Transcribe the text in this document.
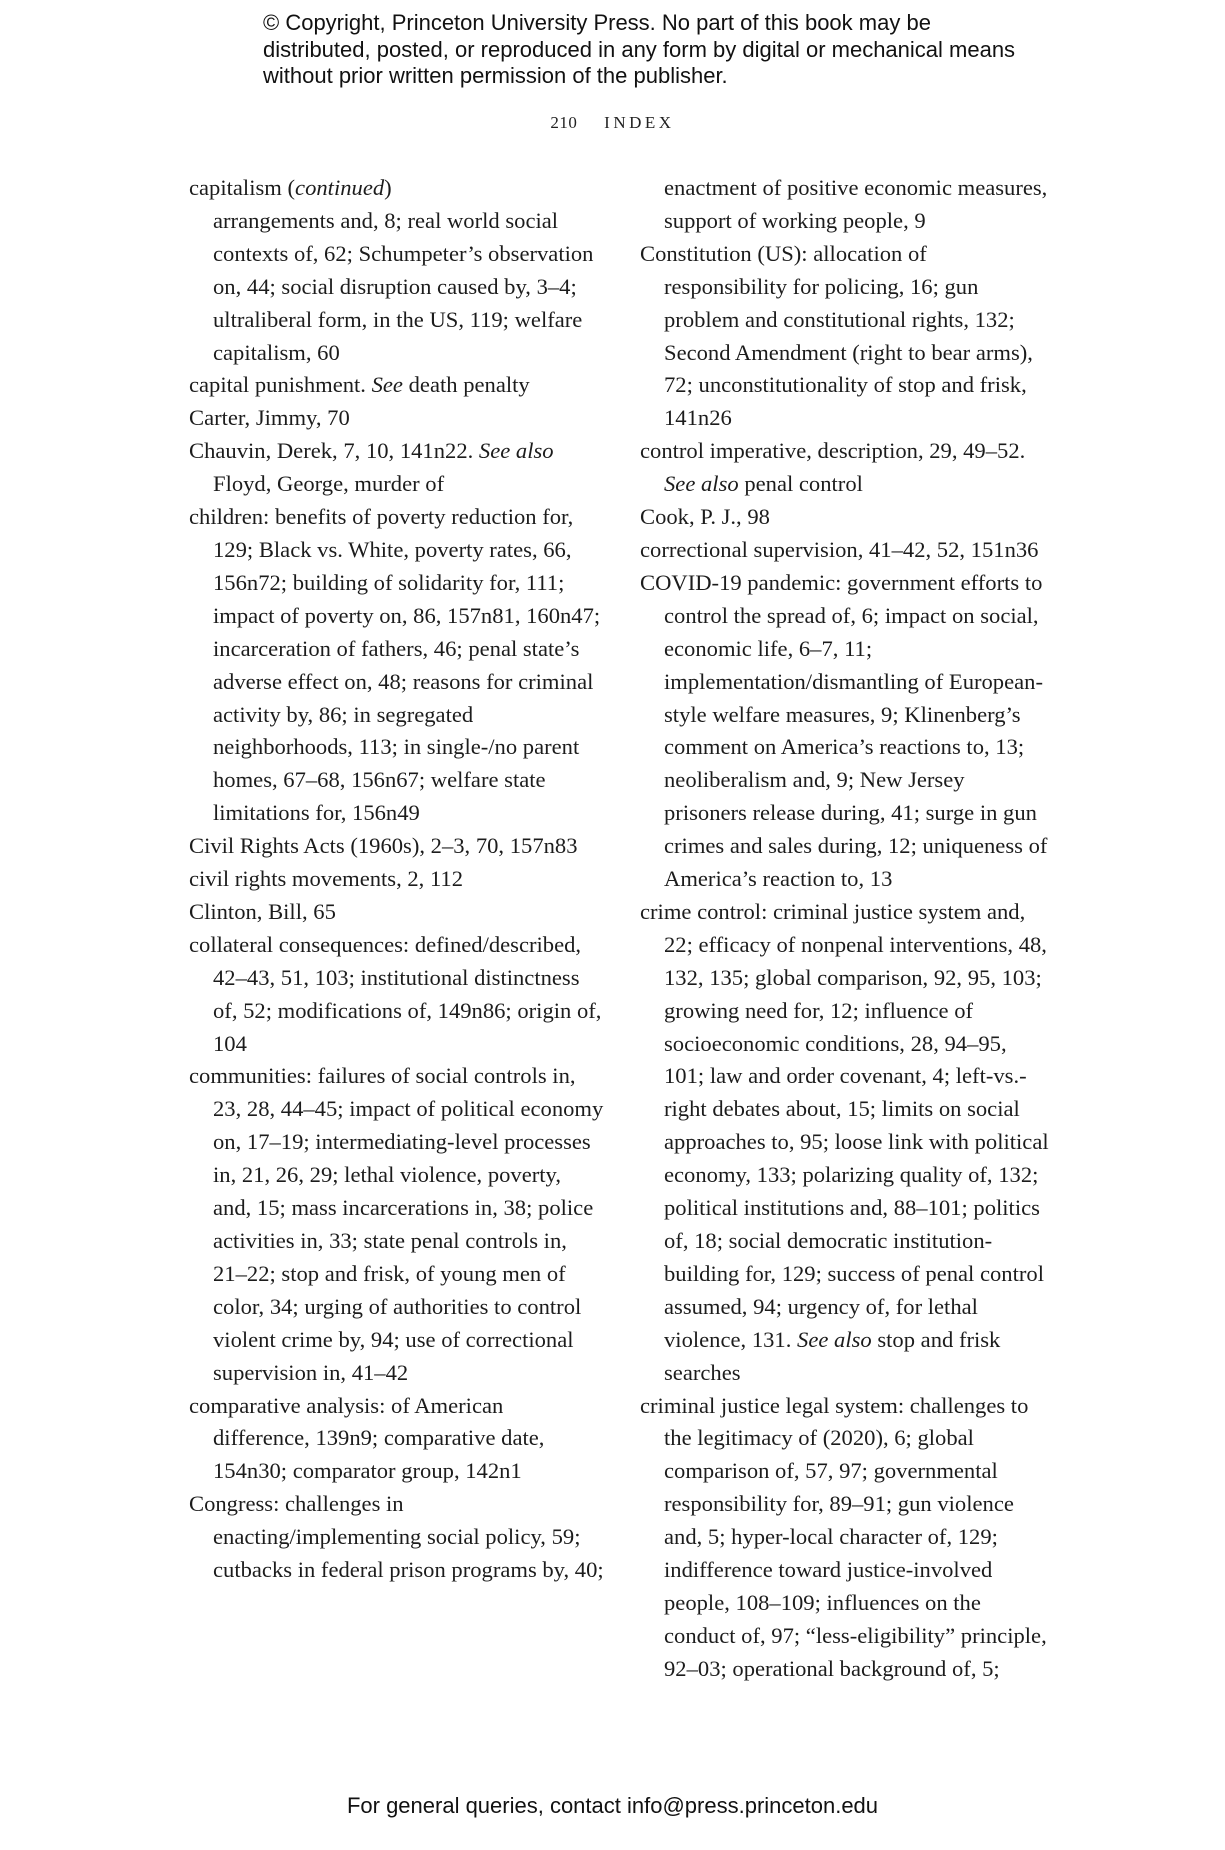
© Copyright, Princeton University Press. No part of this book may be distributed, posted, or reproduced in any form by digital or mechanical means without prior written permission of the publisher.
210 INDEX

capitalism (continued)

arrangements and, 8; real world social contexts of, 62; Schumpeter’s observation on, 44; social disruption caused by, 3–4; ultraliberal form, in the US, 119; welfare capitalism, 60

capital punishment. See death penalty

Carter, Jimmy, 70

Chauvin, Derek, 7, 10, 141n22. See also Floyd, George, murder of

children: benefits of poverty reduction for, 129; Black vs. White, poverty rates, 66, 156n72; building of solidarity for, 111; impact of poverty on, 86, 157n81, 160n47; incarceration of fathers, 46; penal state’s adverse effect on, 48; reasons for criminal activity by, 86; in segregated neighborhoods, 113; in single-/no parent homes, 67–68, 156n67; welfare state limitations for, 156n49

Civil Rights Acts (1960s), 2–3, 70, 157n83

civil rights movements, 2, 112

Clinton, Bill, 65

collateral consequences: defined/described, 42–43, 51, 103; institutional distinctness of, 52; modifications of, 149n86; origin of, 104

communities: failures of social controls in, 23, 28, 44–45; impact of political economy on, 17–19; intermediating-level processes in, 21, 26, 29; lethal violence, poverty, and, 15; mass incarcerations in, 38; police activities in, 33; state penal controls in, 21–22; stop and frisk, of young men of color, 34; urging of authorities to control violent crime by, 94; use of correctional supervision in, 41–42

comparative analysis: of American difference, 139n9; comparative date, 154n30; comparator group, 142n1

Congress: challenges in enacting/implementing social policy, 59; cutbacks in federal prison programs by, 40;

enactment of positive economic measures, support of working people, 9

Constitution (US): allocation of responsibility for policing, 16; gun problem and constitutional rights, 132; Second Amendment (right to bear arms), 72; unconstitutionality of stop and frisk, 141n26

control imperative, description, 29, 49–52. See also penal control

Cook, P. J., 98

correctional supervision, 41–42, 52, 151n36

COVID-19 pandemic: government efforts to control the spread of, 6; impact on social, economic life, 6–7, 11; implementation/dismantling of European-style welfare measures, 9; Klinenberg’s comment on America’s reactions to, 13; neoliberalism and, 9; New Jersey prisoners release during, 41; surge in gun crimes and sales during, 12; uniqueness of America’s reaction to, 13

crime control: criminal justice system and, 22; efficacy of nonpenal interventions, 48, 132, 135; global comparison, 92, 95, 103; growing need for, 12; influence of socioeconomic conditions, 28, 94–95, 101; law and order covenant, 4; left-vs.-right debates about, 15; limits on social approaches to, 95; loose link with political economy, 133; polarizing quality of, 132; political institutions and, 88–101; politics of, 18; social democratic institution-building for, 129; success of penal control assumed, 94; urgency of, for lethal violence, 131. See also stop and frisk searches

criminal justice legal system: challenges to the legitimacy of (2020), 6; global comparison of, 57, 97; governmental responsibility for, 89–91; gun violence and, 5; hyper-local character of, 129; indifference toward justice-involved people, 108–109; influences on the conduct of, 97; “less-eligibility” principle, 92–03; operational background of, 5;

For general queries, contact info@press.princeton.edu
